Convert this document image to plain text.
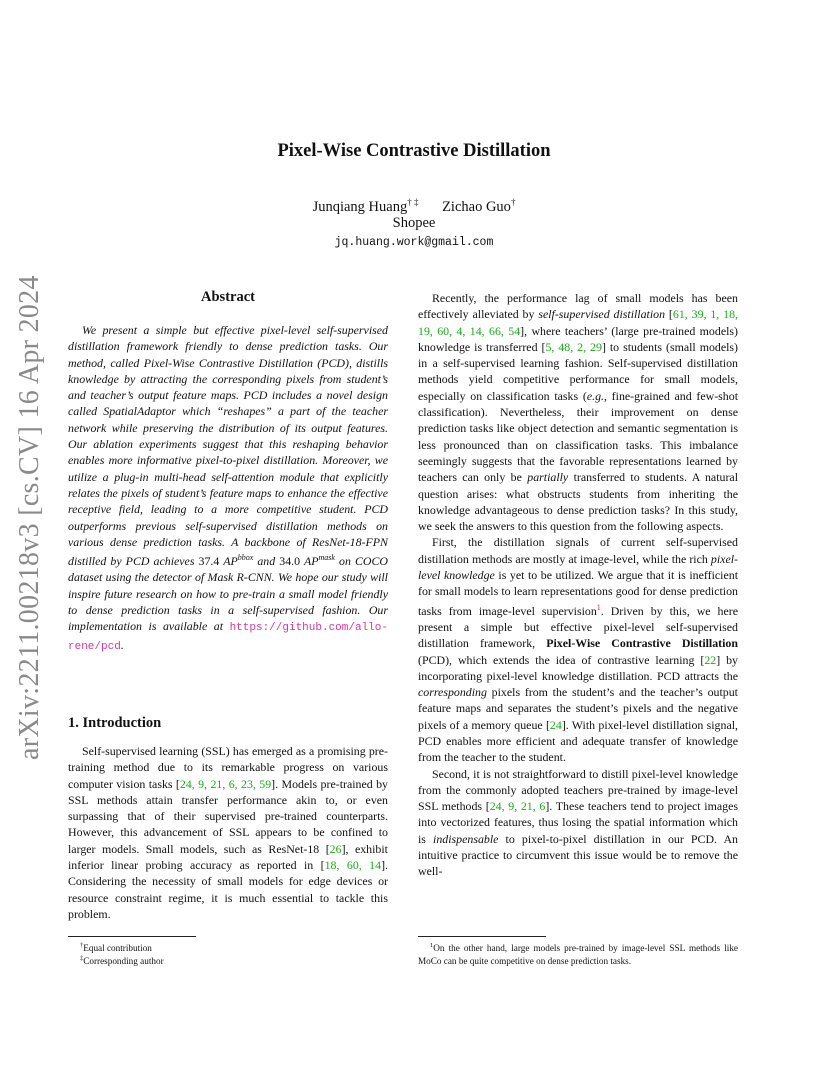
arXiv:2211.00218v3 [cs.CV] 16 Apr 2024
Pixel-Wise Contrastive Distillation
Junqiang Huang† ‡ Zichao Guo†
Shopee
jq.huang.work@gmail.com
Abstract

We present a simple but effective pixel-level self-supervised distillation framework friendly to dense prediction tasks. Our method, called Pixel-Wise Contrastive Distillation (PCD), distills knowledge by attracting the corresponding pixels from student’s and teacher’s output feature maps. PCD includes a novel design called SpatialAdaptor which “reshapes” a part of the teacher network while preserving the distribution of its output features. Our ablation experiments suggest that this reshaping behavior enables more informative pixel-to-pixel distillation. Moreover, we utilize a plug-in multi-head self-attention module that explicitly relates the pixels of student’s feature maps to enhance the effective receptive field, leading to a more competitive student. PCD outperforms previous self-supervised distillation methods on various dense prediction tasks. A backbone of ResNet-18-FPN distilled by PCD achieves 37.4 $AP^{bbox}$ and 34.0 $AP^{mask}$ on COCO dataset using the detector of Mask R-CNN. We hope our study will inspire future research on how to pre-train a small model friendly to dense prediction tasks in a self-supervised fashion. Our implementation is available at https://github.com/allo-rene/pcd.

1. Introduction

Self-supervised learning (SSL) has emerged as a promising pre-training method due to its remarkable progress on various computer vision tasks [24, 9, 21, 6, 23, 59]. Models pre-trained by SSL methods attain transfer performance akin to, or even surpassing that of their supervised pre-trained counterparts. However, this advancement of SSL appears to be confined to larger models. Small models, such as ResNet-18 [26], exhibit inferior linear probing accuracy as reported in [18, 60, 14]. Considering the necessity of small models for edge devices or resource constraint regime, it is much essential to tackle this problem.

Recently, the performance lag of small models has been effectively alleviated by self-supervised distillation [61, 39, 1, 18, 19, 60, 4, 14, 66, 54], where teachers’ (large pre-trained models) knowledge is transferred [5, 48, 2, 29] to students (small models) in a self-supervised learning fashion. Self-supervised distillation methods yield competitive performance for small models, especially on classification tasks (e.g., fine-grained and few-shot classification). Nevertheless, their improvement on dense prediction tasks like object detection and semantic segmentation is less pronounced than on classification tasks. This imbalance seemingly suggests that the favorable representations learned by teachers can only be partially transferred to students. A natural question arises: what obstructs students from inheriting the knowledge advantageous to dense prediction tasks? In this study, we seek the answers to this question from the following aspects.

First, the distillation signals of current self-supervised distillation methods are mostly at image-level, while the rich pixel-level knowledge is yet to be utilized. We argue that it is inefficient for small models to learn representations good for dense prediction tasks from image-level supervision$^1$. Driven by this, we here present a simple but effective pixel-level self-supervised distillation framework, Pixel-Wise Contrastive Distillation (PCD), which extends the idea of contrastive learning [22] by incorporating pixel-level knowledge distillation. PCD attracts the corresponding pixels from the student’s and the teacher’s output feature maps and separates the student’s pixels and the negative pixels of a memory queue [24]. With pixel-level distillation signal, PCD enables more efficient and adequate transfer of knowledge from the teacher to the student.

Second, it is not straightforward to distill pixel-level knowledge from the commonly adopted teachers pre-trained by image-level SSL methods [24, 9, 21, 6]. These teachers tend to project images into vectorized features, thus losing the spatial information which is indispensable to pixel-to-pixel distillation in our PCD. An intuitive practice to circumvent this issue would be to remove the well-

†Equal contribution
‡Corresponding author
$^1$On the other hand, large models pre-trained by image-level SSL methods like MoCo can be quite competitive on dense prediction tasks.
